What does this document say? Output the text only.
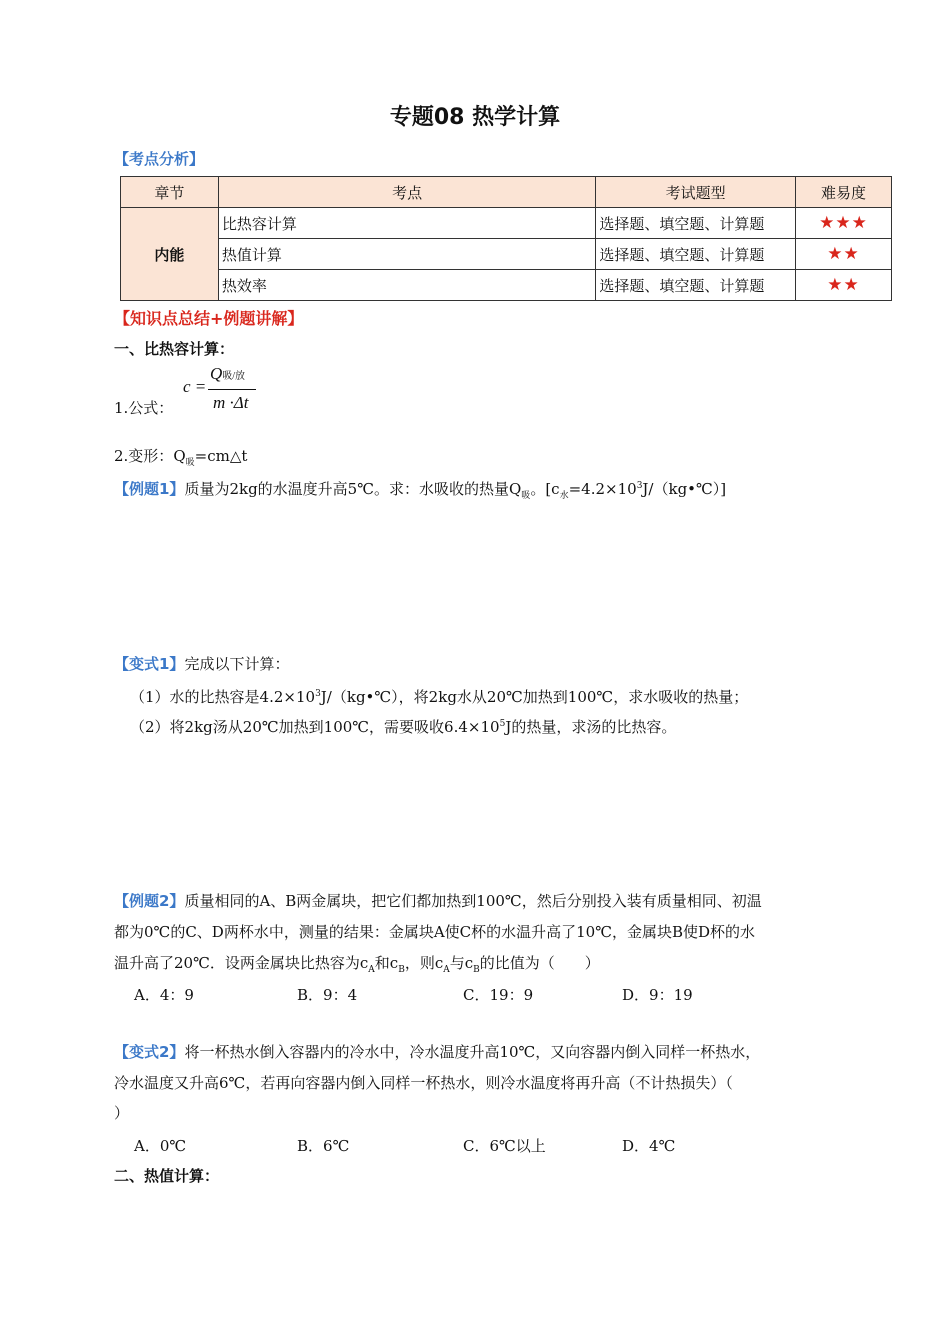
专题08 热学计算
【考点分析】
章节	考点	考试题型	难易度
内能	比热容计算	选择题、填空题、计算题	★★★
	热值计算	选择题、填空题、计算题	★★
	热效率	选择题、填空题、计算题	★★
【知识点总结+例题讲解】
一、比热容计算：
1.公式：
c =
Q吸/放
m ·Δt
2.变形：$Q_吸=cm\triangle t$
【例题1】质量为2kg的水温度升高5℃。求：水吸收的热量$Q_吸$。$[c_水=4.2\times 10^3J/(kg•℃)]$
【变式1】完成以下计算：
（1）水的比热容是$4.2\times 10^3J/(kg•℃)$，将2kg水从20℃加热到100℃，求水吸收的热量；
（2）将2kg汤从20℃加热到100℃，需要吸收$6.4\times 10^5J$的热量，求汤的比热容。
【例题2】质量相同的A、B两金属块，把它们都加热到100℃，然后分别投入装有质量相同、初温
都为0℃的C、D两杯水中，测量的结果：金属块A使C杯的水温升高了10℃，金属块B使D杯的水
温升高了20℃．设两金属块比热容为$c_A$和$c_B$，则$c_A$与$c_B$的比值为（　　）
A．4：9	B．9：4	C．19：9	D．9：19
【变式2】将一杯热水倒入容器内的冷水中，冷水温度升高10℃，又向容器内倒入同样一杯热水，
冷水温度又升高6℃，若再向容器内倒入同样一杯热水，则冷水温度将再升高（不计热损失）（
）
A．0℃	B．6℃	C．6℃以上	D．4℃
二、热值计算：
